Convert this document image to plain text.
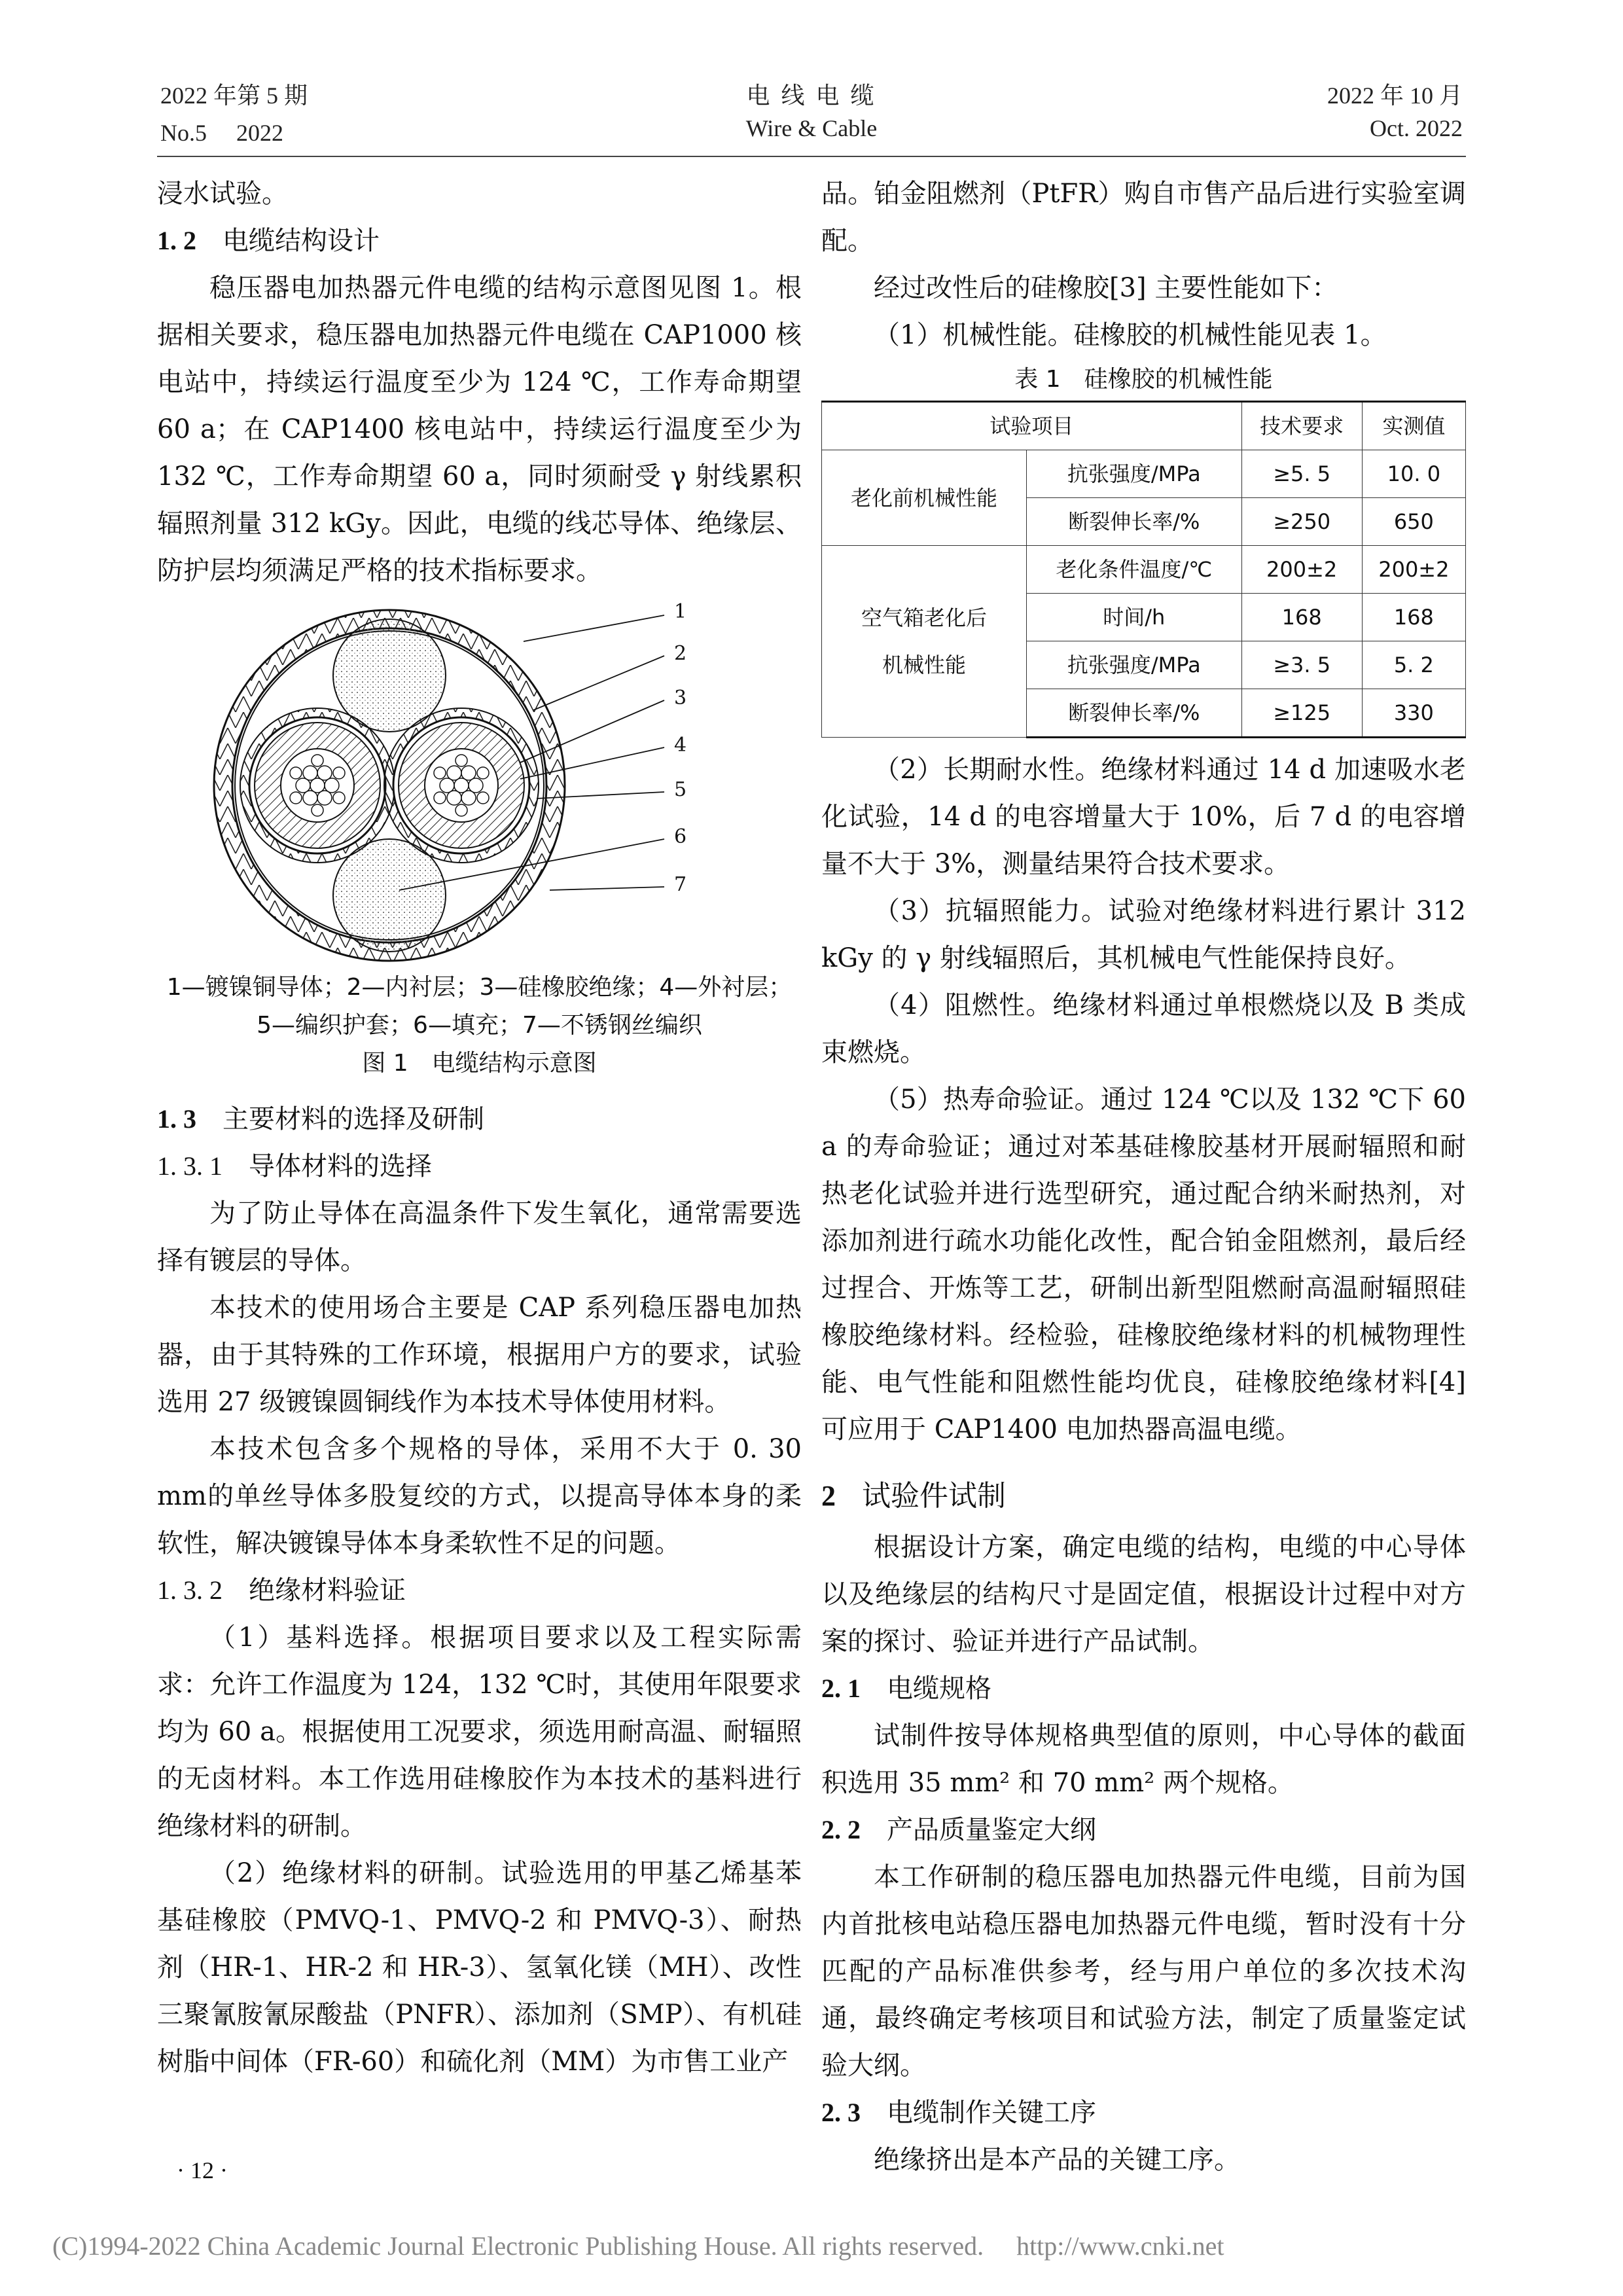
2022 年第 5 期
No.5　 2022
电 线 电 缆
Wire & Cable
2022 年 10 月
Oct. 2022

浸水试验。

1. 2 电缆结构设计

稳压器电加热器元件电缆的结构示意图见图 1。根据相关要求，稳压器电加热器元件电缆在 CAP1000 核电站中，持续运行温度至少为 124 ℃，工作寿命期望 60 a；在 CAP1400 核电站中，持续运行温度至少为 132 ℃，工作寿命期望 60 a，同时须耐受 γ 射线累积辐照剂量 312 kGy。因此，电缆的线芯导体、绝缘层、防护层均须满足严格的技术指标要求。

1
2
3
4
5
6
7
1—镀镍铜导体；2—内衬层；3—硅橡胶绝缘；4—外衬层；
5—编织护套；6—填充；7—不锈钢丝编织
图 1　电缆结构示意图
1. 3 主要材料的选择及研制
1. 3. 1 导体材料的选择

为了防止导体在高温条件下发生氧化，通常需要选择有镀层的导体。

本技术的使用场合主要是 CAP 系列稳压器电加热器，由于其特殊的工作环境，根据用户方的要求，试验选用 27 级镀镍圆铜线作为本技术导体使用材料。

本技术包含多个规格的导体，采用不大于 0. 30 mm的单丝导体多股复绞的方式，以提高导体本身的柔软性，解决镀镍导体本身柔软性不足的问题。

1. 3. 2 绝缘材料验证

（1）基料选择。根据项目要求以及工程实际需求：允许工作温度为 124，132 ℃时，其使用年限要求均为 60 a。根据使用工况要求，须选用耐高温、耐辐照的无卤材料。本工作选用硅橡胶作为本技术的基料进行绝缘材料的研制。

（2）绝缘材料的研制。试验选用的甲基乙烯基苯基硅橡胶（PMVQ-1、PMVQ-2 和 PMVQ-3）、耐热剂（HR-1、HR-2 和 HR-3）、氢氧化镁（MH）、改性三聚氰胺氰尿酸盐（PNFR）、添加剂（SMP）、有机硅树脂中间体（FR-60）和硫化剂（MM）为市售工业产

· 12 ·

品。铂金阻燃剂（PtFR）购自市售产品后进行实验室调配。

经过改性后的硅橡胶[3] 主要性能如下：

（1）机械性能。硅橡胶的机械性能见表 1。

表 1　硅橡胶的机械性能
试验项目		技术要求	实测值
老化前机械性能	抗张强度/MPa	≥5. 5	10. 0
	断裂伸长率/%	≥250	650

空气箱老化后
机械性能	老化条件温度/℃	200±2	200±2
	时间/h	168	168
	抗张强度/MPa	≥3. 5	5. 2
	断裂伸长率/%	≥125	330

（2）长期耐水性。绝缘材料通过 14 d 加速吸水老化试验，14 d 的电容增量大于 10%，后 7 d 的电容增量不大于 3%，测量结果符合技术要求。

（3）抗辐照能力。试验对绝缘材料进行累计 312 kGy 的 γ 射线辐照后，其机械电气性能保持良好。

（4）阻燃性。绝缘材料通过单根燃烧以及 B 类成束燃烧。

（5）热寿命验证。通过 124 ℃以及 132 ℃下 60 a 的寿命验证；通过对苯基硅橡胶基材开展耐辐照和耐热老化试验并进行选型研究，通过配合纳米耐热剂，对添加剂进行疏水功能化改性，配合铂金阻燃剂，最后经过捏合、开炼等工艺，研制出新型阻燃耐高温耐辐照硅橡胶绝缘材料。经检验，硅橡胶绝缘材料的机械物理性能、电气性能和阻燃性能均优良，硅橡胶绝缘材料[4] 可应用于 CAP1400 电加热器高温电缆。

2 试验件试制

根据设计方案，确定电缆的结构，电缆的中心导体以及绝缘层的结构尺寸是固定值，根据设计过程中对方案的探讨、验证并进行产品试制。

2. 1 电缆规格

试制件按导体规格典型值的原则，中心导体的截面积选用 35 mm² 和 70 mm² 两个规格。

2. 2 产品质量鉴定大纲

本工作研制的稳压器电加热器元件电缆，目前为国内首批核电站稳压器电加热器元件电缆，暂时没有十分匹配的产品标准供参考，经与用户单位的多次技术沟通，最终确定考核项目和试验方法，制定了质量鉴定试验大纲。

2. 3 电缆制作关键工序

绝缘挤出是本产品的关键工序。

(C)1994-2022 China Academic Journal Electronic Publishing House. All rights reserved.　 http://www.cnki.net
